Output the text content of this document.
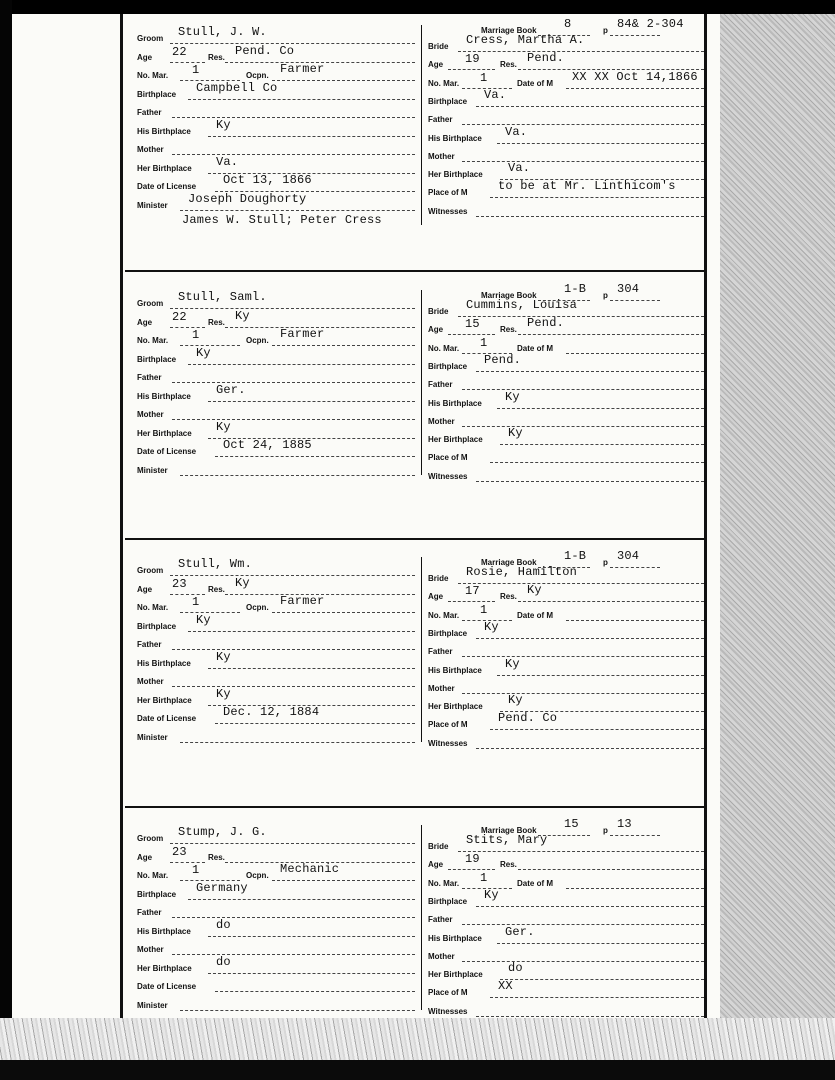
Groom Stull, J. W.
Age 22	Res. Pend. Co
No. Mar. 1	Ocpn. Farmer
Birthplace Campbell Co
Father
His Birthplace Ky
Mother
Her Birthplace Va.
Date of License Oct 13, 1866
Minister Joseph Doughorty
James W. Stull; Peter Cress
Marriage Book 8	p 84& 2-304
Bride Cress, Martha A.
Age 19	Res. Pend.
No. Mar. 1	Date of M XX XX Oct 14,1866
Birthplace Va.
Father
His Birthplace Va.
Mother
Her Birthplace Va.
Place of M	to be at Mr. Linthicom's
Witnesses
Groom Stull, Saml.
Age 22	Res. Ky
No. Mar. 1	Ocpn. Farmer
Birthplace Ky
Father
His Birthplace Ger.
Mother
Her Birthplace Ky
Date of License Oct 24, 1885
Minister
Marriage Book 1-B p 304
Bride Cummins, Louisa
Age 15	Res. Pend.
No. Mar. 1	Date of M
Birthplace Pend.
Father
His Birthplace Ky
Mother
Her Birthplace Ky
Place of M
Witnesses
Groom Stull, Wm.
Age 23	Res. Ky
No. Mar. 1	Ocpn. Farmer
Birthplace Ky
Father
His Birthplace Ky
Mother
Her Birthplace Ky
Date of License Dec. 12, 1884
Minister
Marriage Book 1-B p 304
Bride Rosie, Hamilton
Age 17	Res. Ky
No. Mar. 1	Date of M
Birthplace Ky
Father
His Birthplace Ky
Mother
Her Birthplace Ky
Place of M	Pend. Co
Witnesses
Groom Stump, J. G.
Age 23	Res.
No. Mar. 1	Ocpn. Mechanic
Birthplace Germany
Father
His Birthplace do
Mother
Her Birthplace do
Date of License
Minister
Marriage Book 15	p 13
Bride Stits, Mary
Age 19	Res.
No. Mar. 1	Date of M
Birthplace Ky
Father
His Birthplace Ger.
Mother
Her Birthplace do
Place of M	XX
Witnesses
